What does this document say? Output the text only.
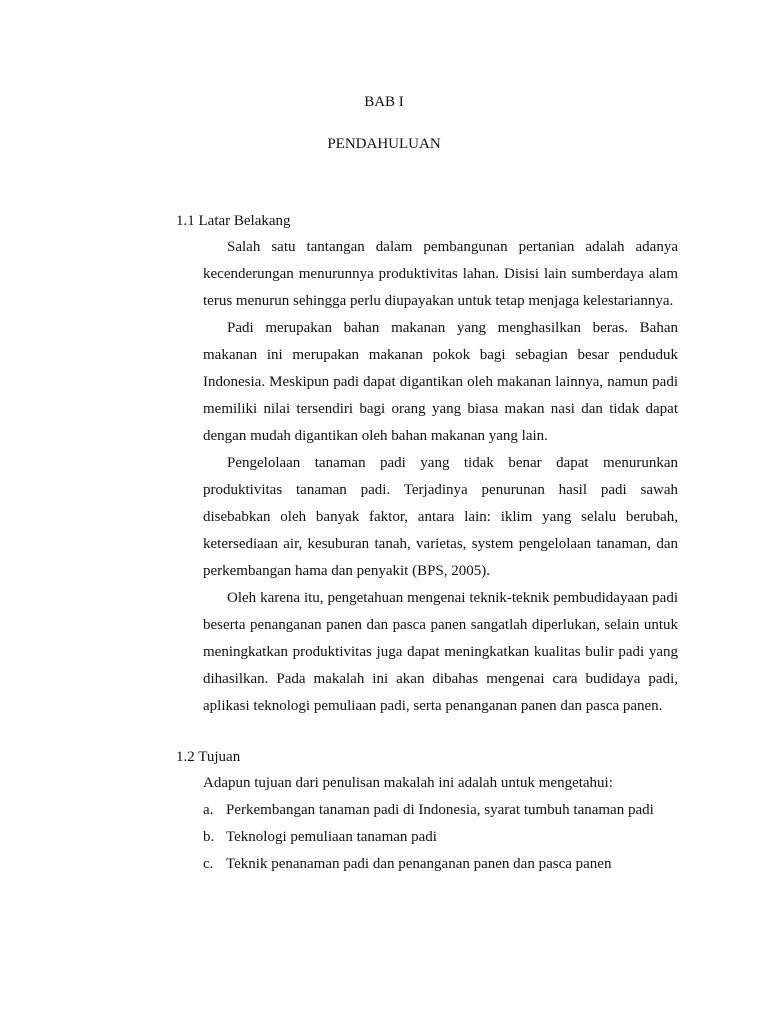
BAB I
PENDAHULUAN
1.1 Latar Belakang

Salah satu tantangan dalam pembangunan pertanian adalah adanya kecenderungan menurunnya produktivitas lahan. Disisi lain sumberdaya alam terus menurun sehingga perlu diupayakan untuk tetap menjaga kelestariannya.

Padi merupakan bahan makanan yang menghasilkan beras. Bahan makanan ini merupakan makanan pokok bagi sebagian besar penduduk Indonesia. Meskipun padi dapat digantikan oleh makanan lainnya, namun padi memiliki nilai tersendiri bagi orang yang biasa makan nasi dan tidak dapat dengan mudah digantikan oleh bahan makanan yang lain.

Pengelolaan tanaman padi yang tidak benar dapat menurunkan produktivitas tanaman padi. Terjadinya penurunan hasil padi sawah disebabkan oleh banyak faktor, antara lain: iklim yang selalu berubah, ketersediaan air, kesuburan tanah, varietas, system pengelolaan tanaman, dan perkembangan hama dan penyakit (BPS, 2005).

Oleh karena itu, pengetahuan mengenai teknik-teknik pembudidayaan padi beserta penanganan panen dan pasca panen sangatlah diperlukan, selain untuk meningkatkan produktivitas juga dapat meningkatkan kualitas bulir padi yang dihasilkan. Pada makalah ini akan dibahas mengenai cara budidaya padi, aplikasi teknologi pemuliaan padi, serta penanganan panen dan pasca panen.

1.2 Tujuan

Adapun tujuan dari penulisan makalah ini adalah untuk mengetahui:

a. Perkembangan tanaman padi di Indonesia, syarat tumbuh tanaman padi
b. Teknologi pemuliaan tanaman padi
c. Teknik penanaman padi dan penanganan panen dan pasca panen
